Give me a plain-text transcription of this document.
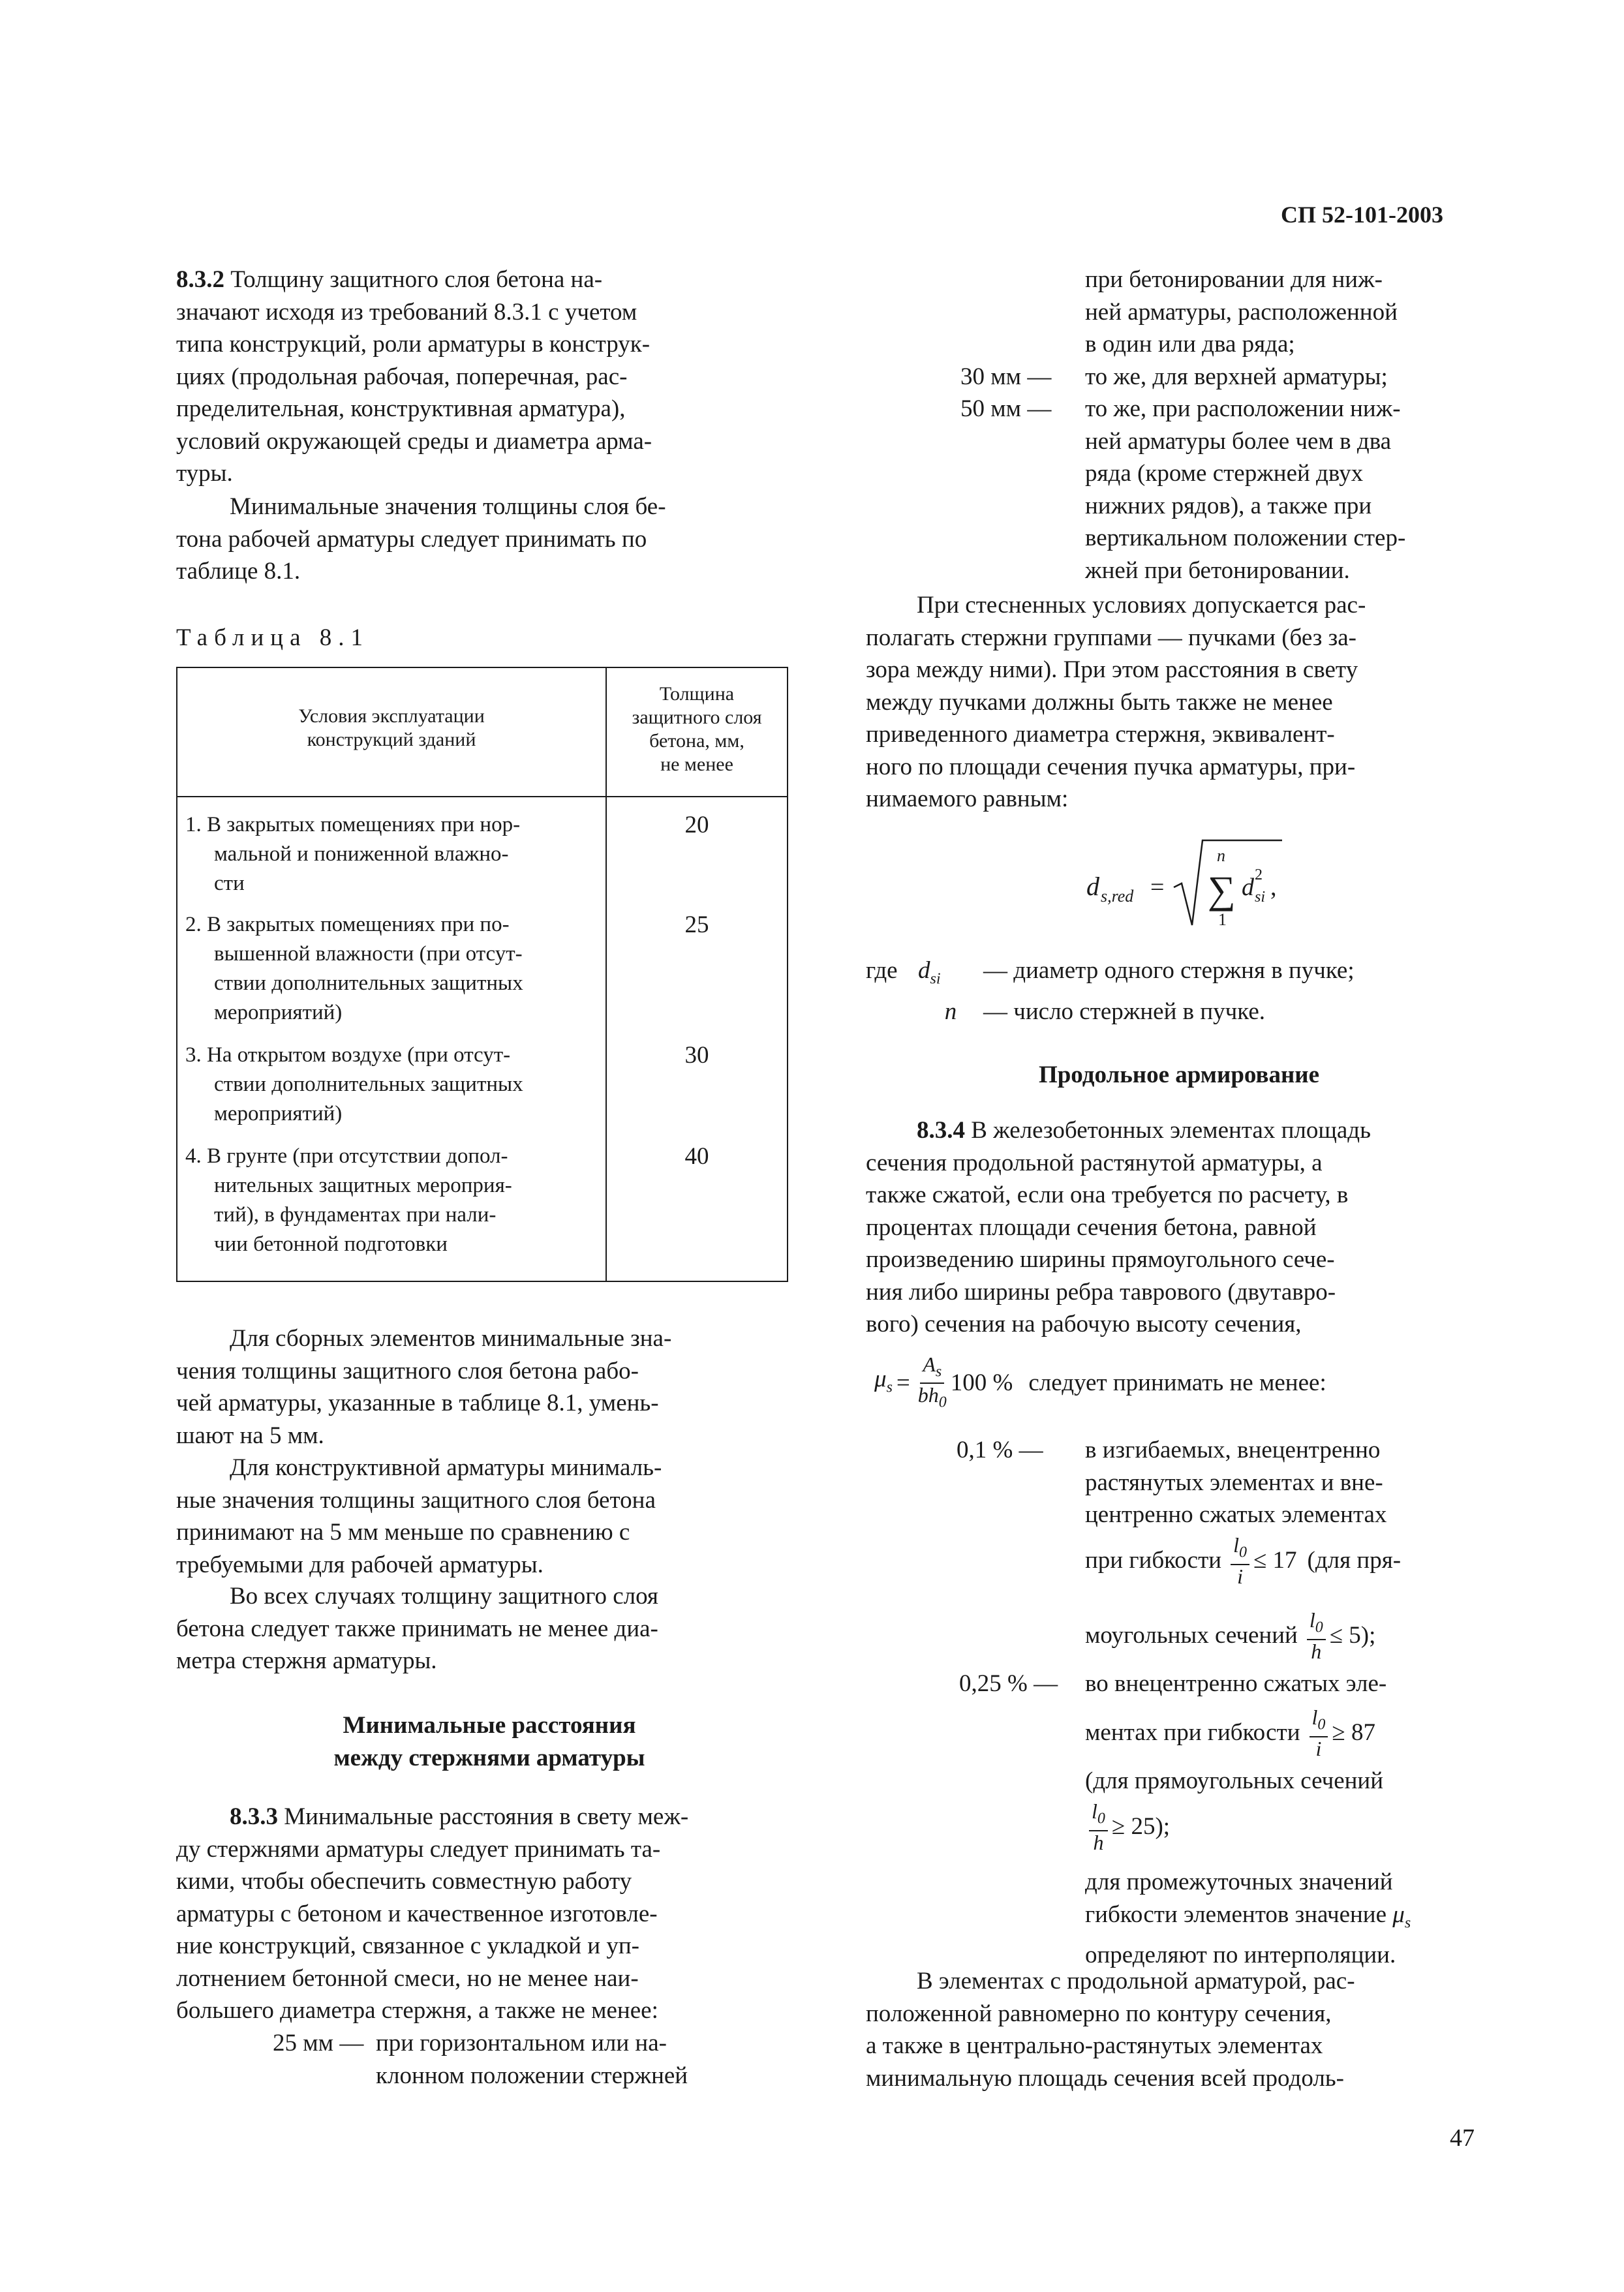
СП 52-101-2003
8.3.2 Толщину защитного слоя бетона на-
значают исходя из требований 8.3.1 с учетом
типа конструкций, роли арматуры в конструк-
циях (продольная рабочая, поперечная, рас-
пределительная, конструктивная арматура),
условий окружающей среды и диаметра арма-
туры.
Минимальные значения толщины слоя бе-
тона рабочей арматуры следует принимать по
таблице 8.1.
Таблица 8.1
Условия эксплуатации
конструкций зданий
Толщина
защитного слоя
бетона, мм,
не менее
1. В закрытых помещениях при нор-
мальной и пониженной влажно-
сти
20
2. В закрытых помещениях при по-
вышенной влажности (при отсут-
ствии дополнительных защитных
мероприятий)
25
3. На открытом воздухе (при отсут-
ствии дополнительных защитных
мероприятий)
30
4. В грунте (при отсутствии допол-
нительных защитных мероприя-
тий), в фундаментах при нали-
чии бетонной подготовки
40
Для сборных элементов минимальные зна-
чения толщины защитного слоя бетона рабо-
чей арматуры, указанные в таблице 8.1, умень-
шают на 5 мм.
Для конструктивной арматуры минималь-
ные значения толщины защитного слоя бетона
принимают на 5 мм меньше по сравнению с
требуемыми для рабочей арматуры.
Во всех случаях толщину защитного слоя
бетона следует также принимать не менее диа-
метра стержня арматуры.
Минимальные расстояния
между стержнями арматуры
8.3.3 Минимальные расстояния в свету меж-
ду стержнями арматуры следует принимать та-
кими, чтобы обеспечить совместную работу
арматуры с бетоном и качественное изготовле-
ние конструкций, связанное с укладкой и уп-
лотнением бетонной смеси, но не менее наи-
большего диаметра стержня, а также не менее:
25 мм — при горизонтальном или на-
клонном положении стержней
при бетонировании для ниж-
ней арматуры, расположенной
в один или два ряда;
30 мм — то же, для верхней арматуры;
50 мм — то же, при расположении ниж-
ней арматуры более чем в два
ряда (кроме стержней двух
нижних рядов), а также при
вертикальном положении стер-
жней при бетонировании.
При стесненных условиях допускается рас-
полагать стержни группами — пучками (без за-
зора между ними). При этом расстояния в свету
между пучками должны быть также не менее
приведенного диаметра стержня, эквивалент-
ного по площади сечения пучка арматуры, при-
нимаемого равным:
d s,red = ∑
n
1
d 2
si ,
где $d_{si}$	— диаметр одного стержня в пучке;
n	— число стержней в пучке.
Продольное армирование
8.3.4 В железобетонных элементах площадь
сечения продольной растянутой арматуры, а
также сжатой, если она требуется по расчету, в
процентах площади сечения бетона, равной
произведению ширины прямоугольного сече-
ния либо ширины ребра таврового (двутавро-
вого) сечения на рабочую высоту сечения,
$\mu_s = \frac{A_s}{bh_0} 100$ % следует принимать не менее:
0,1 % — в изгибаемых, внецентренно
растянутых элементах и вне-
центренно сжатых элементах
при гибкости $\frac{l_0}{i} \le 17$ (для пря-
моугольных сечений $\frac{l_0}{h} \le 5$);
0,25 % — во внецентренно сжатых эле-
ментах при гибкости $\frac{l_0}{i} \ge 87$
(для прямоугольных сечений
$\frac{l_0}{h} \ge 25$);
для промежуточных значений
гибкости элементов значение $\mu_s$
определяют по интерполяции.
В элементах с продольной арматурой, рас-
положенной равномерно по контуру сечения,
а также в центрально-растянутых элементах
минимальную площадь сечения всей продоль-
47
